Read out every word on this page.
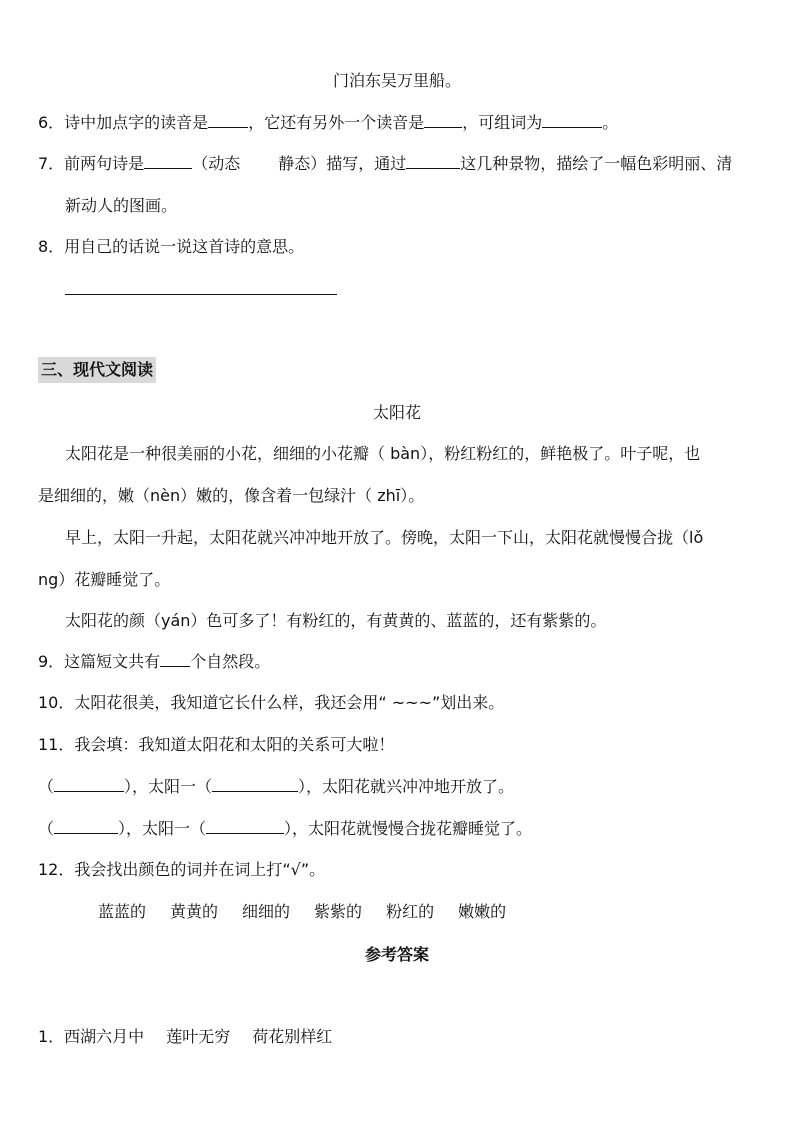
门泊东吴万里船。
6．诗中加点字的读音是	，它还有另外一个读音是 ，可组词为	。
7．前两句诗是	（动态 静态）描写，通过	这几种景物，描绘了一幅色彩明丽、清
新动人的图画。
8．用自己的话说一说这首诗的意思。
三、现代文阅读
太阳花
太阳花是一种很美丽的小花，细细的小花瓣（ bàn），粉红粉红的，鲜艳极了。叶子呢，也
是细细的，嫩（nèn）嫩的，像含着一包绿汁（ zhī）。
早上，太阳一升起，太阳花就兴冲冲地开放了。傍晚，太阳一下山，太阳花就慢慢合拢（lǒ
ng）花瓣睡觉了。
太阳花的颜（yán）色可多了！有粉红的，有黄黄的、蓝蓝的，还有紫紫的。
9．这篇短文共有 个自然段。
10．太阳花很美，我知道它长什么样，我还会用“ ~~~”划出来。
11．我会填：我知道太阳花和太阳的关系可大啦！
（	），太阳一（	），太阳花就兴冲冲地开放了。
（	），太阳一（	），太阳花就慢慢合拢花瓣睡觉了。
12．我会找出颜色的词并在词上打“√”。
蓝蓝的 黄黄的 细细的 紫紫的 粉红的 嫩嫩的
参考答案
1．西湖六月中 莲叶无穷 荷花别样红
